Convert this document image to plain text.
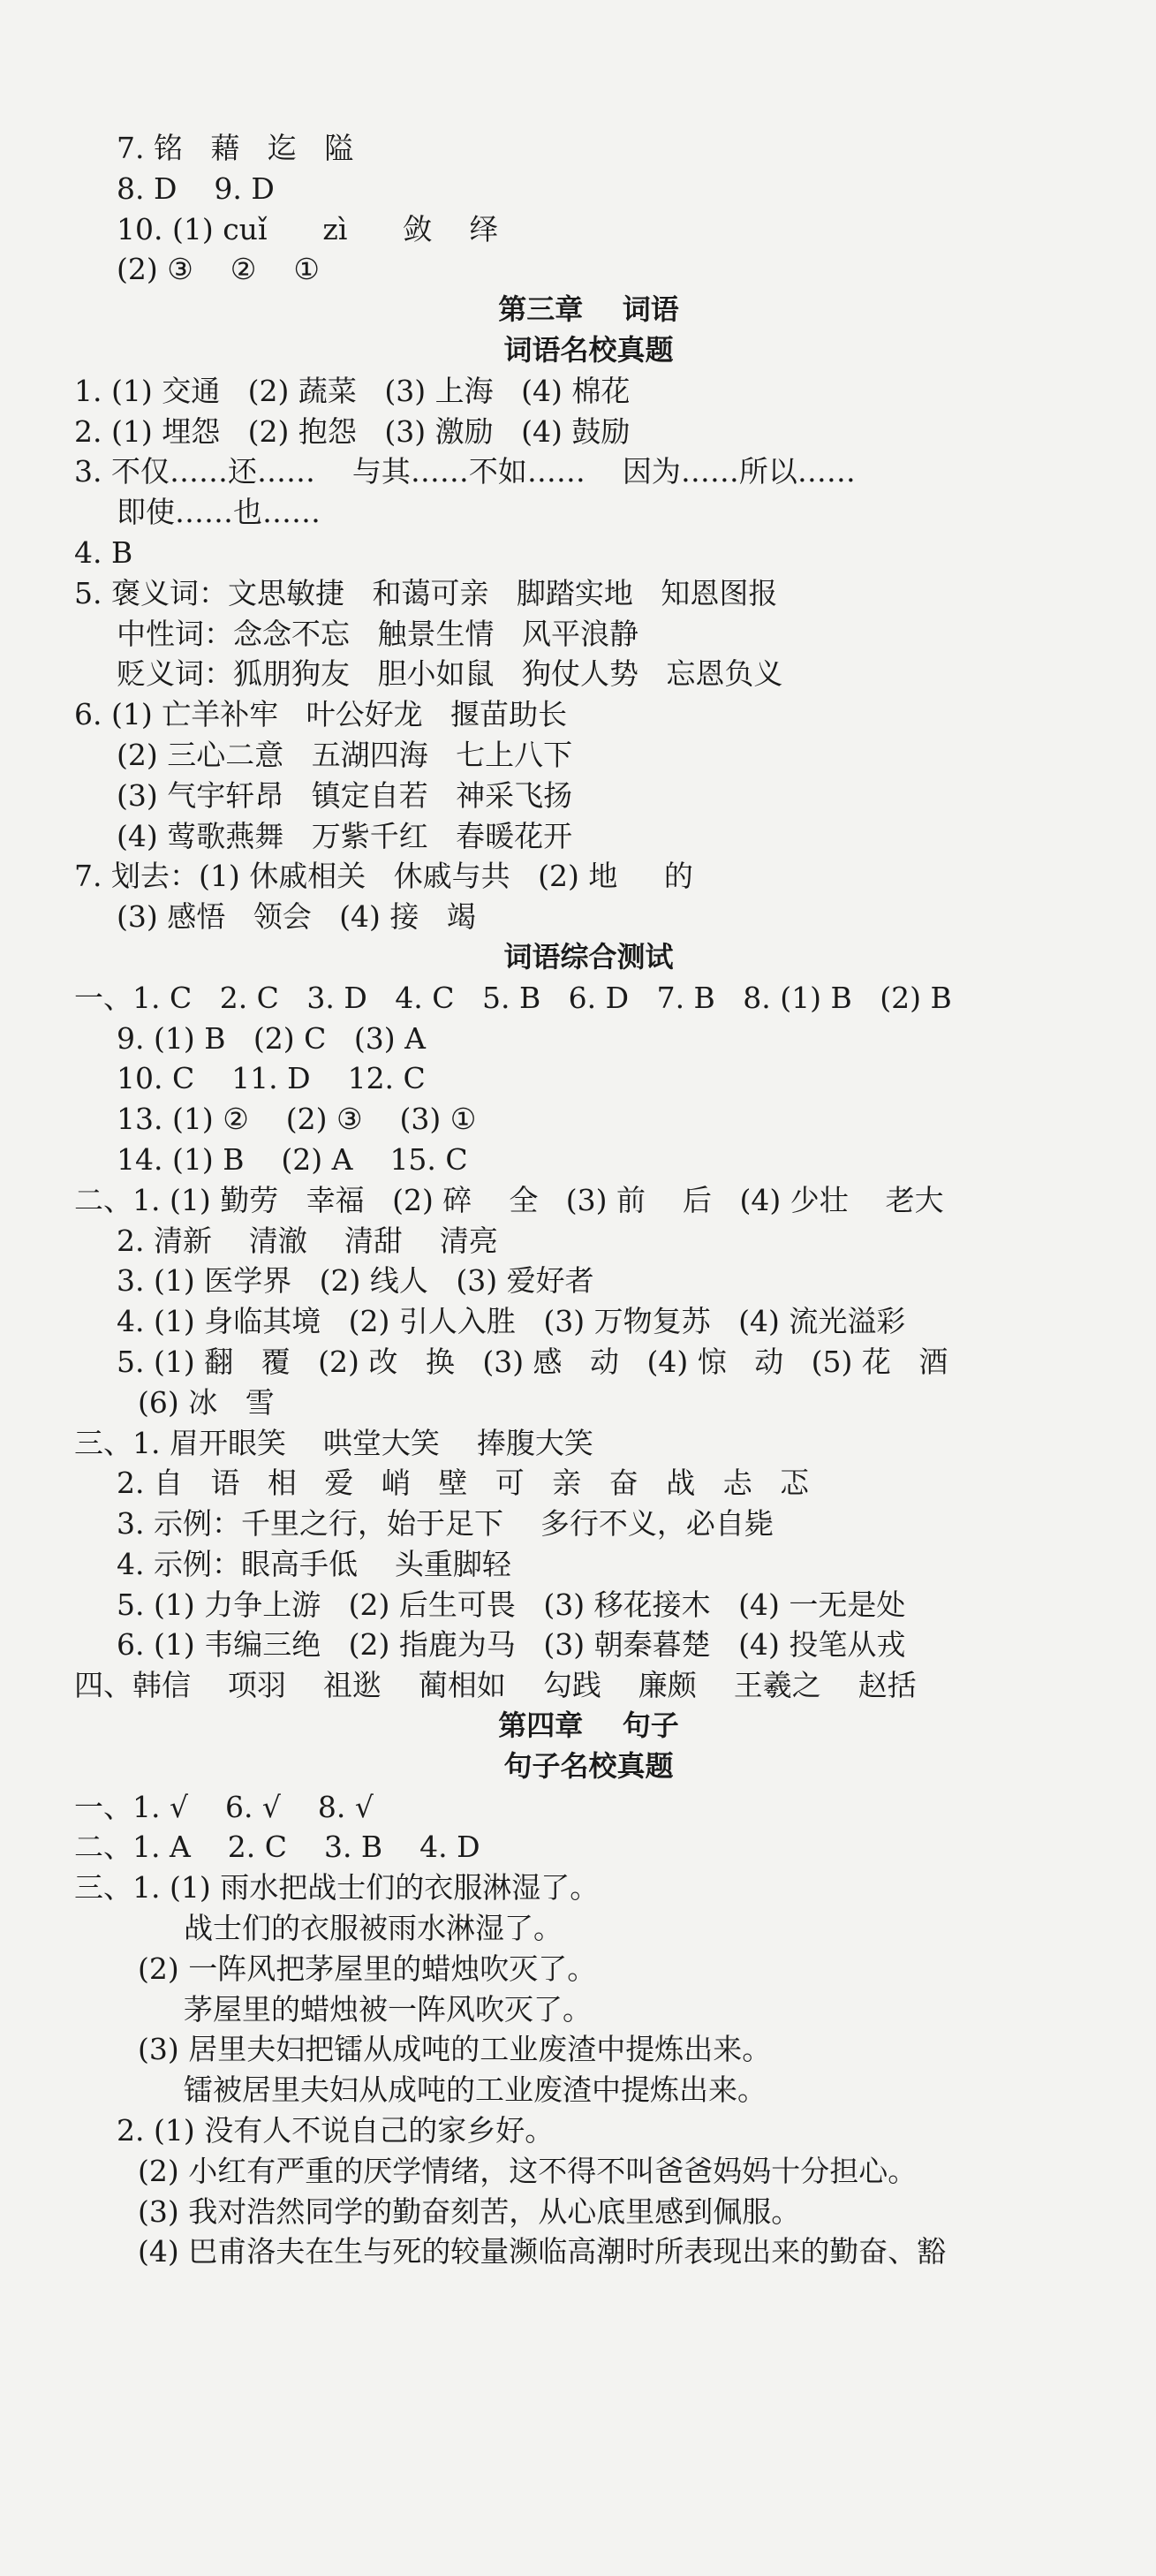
7. 铭   藉   迄   隘
8. D    9. D
10. (1) cuǐ      zì      敛    绎
(2) ③    ②    ①
第三章    词语
词语名校真题
1. (1) 交通   (2) 蔬菜   (3) 上海   (4) 棉花
2. (1) 埋怨   (2) 抱怨   (3) 激励   (4) 鼓励
3. 不仅……还……    与其……不如……    因为……所以……
即使……也……
4. B
5. 褒义词：文思敏捷   和蔼可亲   脚踏实地   知恩图报
中性词：念念不忘   触景生情   风平浪静
贬义词：狐朋狗友   胆小如鼠   狗仗人势   忘恩负义
6. (1) 亡羊补牢   叶公好龙   揠苗助长
(2) 三心二意   五湖四海   七上八下
(3) 气宇轩昂   镇定自若   神采飞扬
(4) 莺歌燕舞   万紫千红   春暖花开
7. 划去：(1) 休戚相关   休戚与共   (2) 地     的
(3) 感悟   领会   (4) 接   竭
词语综合测试
一、1. C   2. C   3. D   4. C   5. B   6. D   7. B   8. (1) B   (2) B
9. (1) B   (2) C   (3) A
10. C    11. D    12. C
13. (1) ②    (2) ③    (3) ①
14. (1) B    (2) A    15. C
二、1. (1) 勤劳   幸福   (2) 碎    全   (3) 前    后   (4) 少壮    老大
2. 清新    清澈    清甜    清亮
3. (1) 医学界   (2) 线人   (3) 爱好者
4. (1) 身临其境   (2) 引人入胜   (3) 万物复苏   (4) 流光溢彩
5. (1) 翻   覆   (2) 改   换   (3) 感   动   (4) 惊   动   (5) 花   酒
(6) 冰   雪
三、1. 眉开眼笑    哄堂大笑    捧腹大笑
2. 自   语   相   爱   峭   壁   可   亲   奋   战   忐   忑
3. 示例：千里之行，始于足下    多行不义，必自毙
4. 示例：眼高手低    头重脚轻
5. (1) 力争上游   (2) 后生可畏   (3) 移花接木   (4) 一无是处
6. (1) 韦编三绝   (2) 指鹿为马   (3) 朝秦暮楚   (4) 投笔从戎
四、韩信    项羽    祖逖    蔺相如    勾践    廉颇    王羲之    赵括
第四章    句子
句子名校真题
一、1. √    6. √    8. √
二、1. A    2. C    3. B    4. D
三、1. (1) 雨水把战士们的衣服淋湿了。
战士们的衣服被雨水淋湿了。
(2) 一阵风把茅屋里的蜡烛吹灭了。
茅屋里的蜡烛被一阵风吹灭了。
(3) 居里夫妇把镭从成吨的工业废渣中提炼出来。
镭被居里夫妇从成吨的工业废渣中提炼出来。
2. (1) 没有人不说自己的家乡好。
(2) 小红有严重的厌学情绪，这不得不叫爸爸妈妈十分担心。
(3) 我对浩然同学的勤奋刻苦，从心底里感到佩服。
(4) 巴甫洛夫在生与死的较量濒临高潮时所表现出来的勤奋、豁
